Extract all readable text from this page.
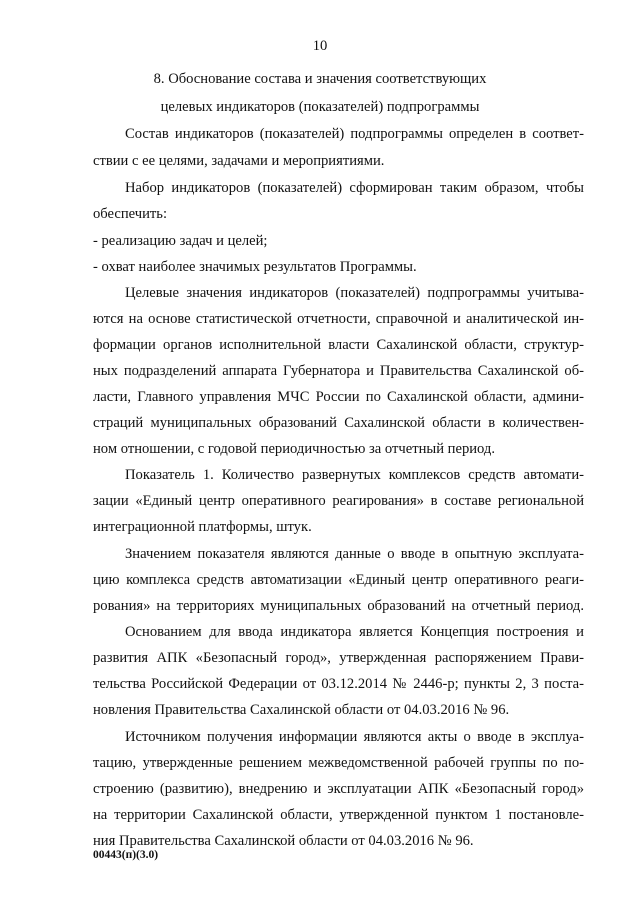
10
8. Обоснование состава и значения соответствующих
целевых индикаторов (показателей) подпрограммы
Состав индикаторов (показателей) подпрограммы определен в соответ-
ствии с ее целями, задачами и мероприятиями.
Набор индикаторов (показателей) сформирован таким образом, чтобы
обеспечить:
- реализацию задач и целей;
- охват наиболее значимых результатов Программы.
Целевые значения индикаторов (показателей) подпрограммы учитыва-
ются на основе статистической отчетности, справочной и аналитической ин-
формации органов исполнительной власти Сахалинской области, структур-
ных подразделений аппарата Губернатора и Правительства Сахалинской об-
ласти, Главного управления МЧС России по Сахалинской области, админи-
страций муниципальных образований Сахалинской области в количествен-
ном отношении, с годовой периодичностью за отчетный период.
Показатель 1. Количество развернутых комплексов средств автомати-
зации «Единый центр оперативного реагирования» в составе региональной
интеграционной платформы, штук.
Значением показателя являются данные о вводе в опытную эксплуата-
цию комплекса средств автоматизации «Единый центр оперативного реаги-
рования» на территориях муниципальных образований на отчетный период.
Основанием для ввода индикатора является Концепция построения и
развития АПК «Безопасный город», утвержденная распоряжением Прави-
тельства Российской Федерации от 03.12.2014 № 2446-р; пункты 2, 3 поста-
новления Правительства Сахалинской области от 04.03.2016 № 96.
Источником получения информации являются акты о вводе в эксплуа-
тацию, утвержденные решением межведомственной рабочей группы по по-
строению (развитию), внедрению и эксплуатации АПК «Безопасный город»
на территории Сахалинской области, утвержденной пунктом 1 постановле-
ния Правительства Сахалинской области от 04.03.2016 № 96.
00443(п)(3.0)
